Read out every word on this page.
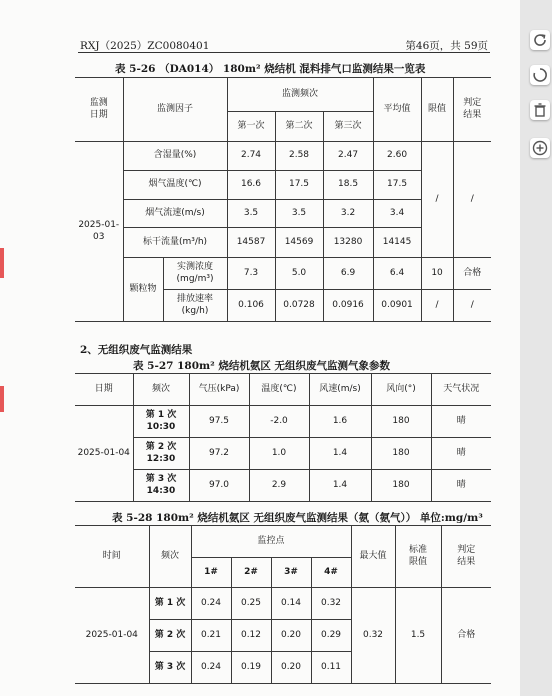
RXJ（2025）ZC0080401	第46页，共 59页
表 5-26 （DA014） 180m² 烧结机 混料排气口监测结果一览表
监测
日期	监测因子		监测频次			平均值	限值	判定
结果
			第一次	第二次	第三次			
2025-01-03	含湿量(%)		2.74	2.58	2.47	2.60	/	/
	烟气温度(℃)		16.6	17.5	18.5	17.5		
	烟气流速(m/s)		3.5	3.5	3.2	3.4		
	标干流量(m³/h)		14587	14569	13280	14145		
	颗粒物	实测浓度
(mg/m³)	7.3	5.0	6.9	6.4	10	合格
		排放速率
(kg/h)	0.106	0.0728	0.0916	0.0901	/	/
2、无组织废气监测结果
表 5-27 180m² 烧结机氨区 无组织废气监测气象参数
日期	频次	气压(kPa)	温度(℃)	风速(m/s)	风向(°)	天气状况
2025-01-04	第 1 次 10:30	97.5	-2.0	1.6	180	晴
	第 2 次 12:30	97.2	1.0	1.4	180	晴
	第 3 次 14:30	97.0	2.9	1.4	180	晴
表 5-28 180m² 烧结机氨区 无组织废气监测结果（氨（氨气）） 单位:mg/m³
时间	频次	监控点				最大值	标准
限值	判定
结果
		1#	2#	3#	4#			
2025-01-04	第 1 次	0.24	0.25	0.14	0.32	0.32	1.5	合格
	第 2 次	0.21	0.12	0.20	0.29			
	第 3 次	0.24	0.19	0.20	0.11			
